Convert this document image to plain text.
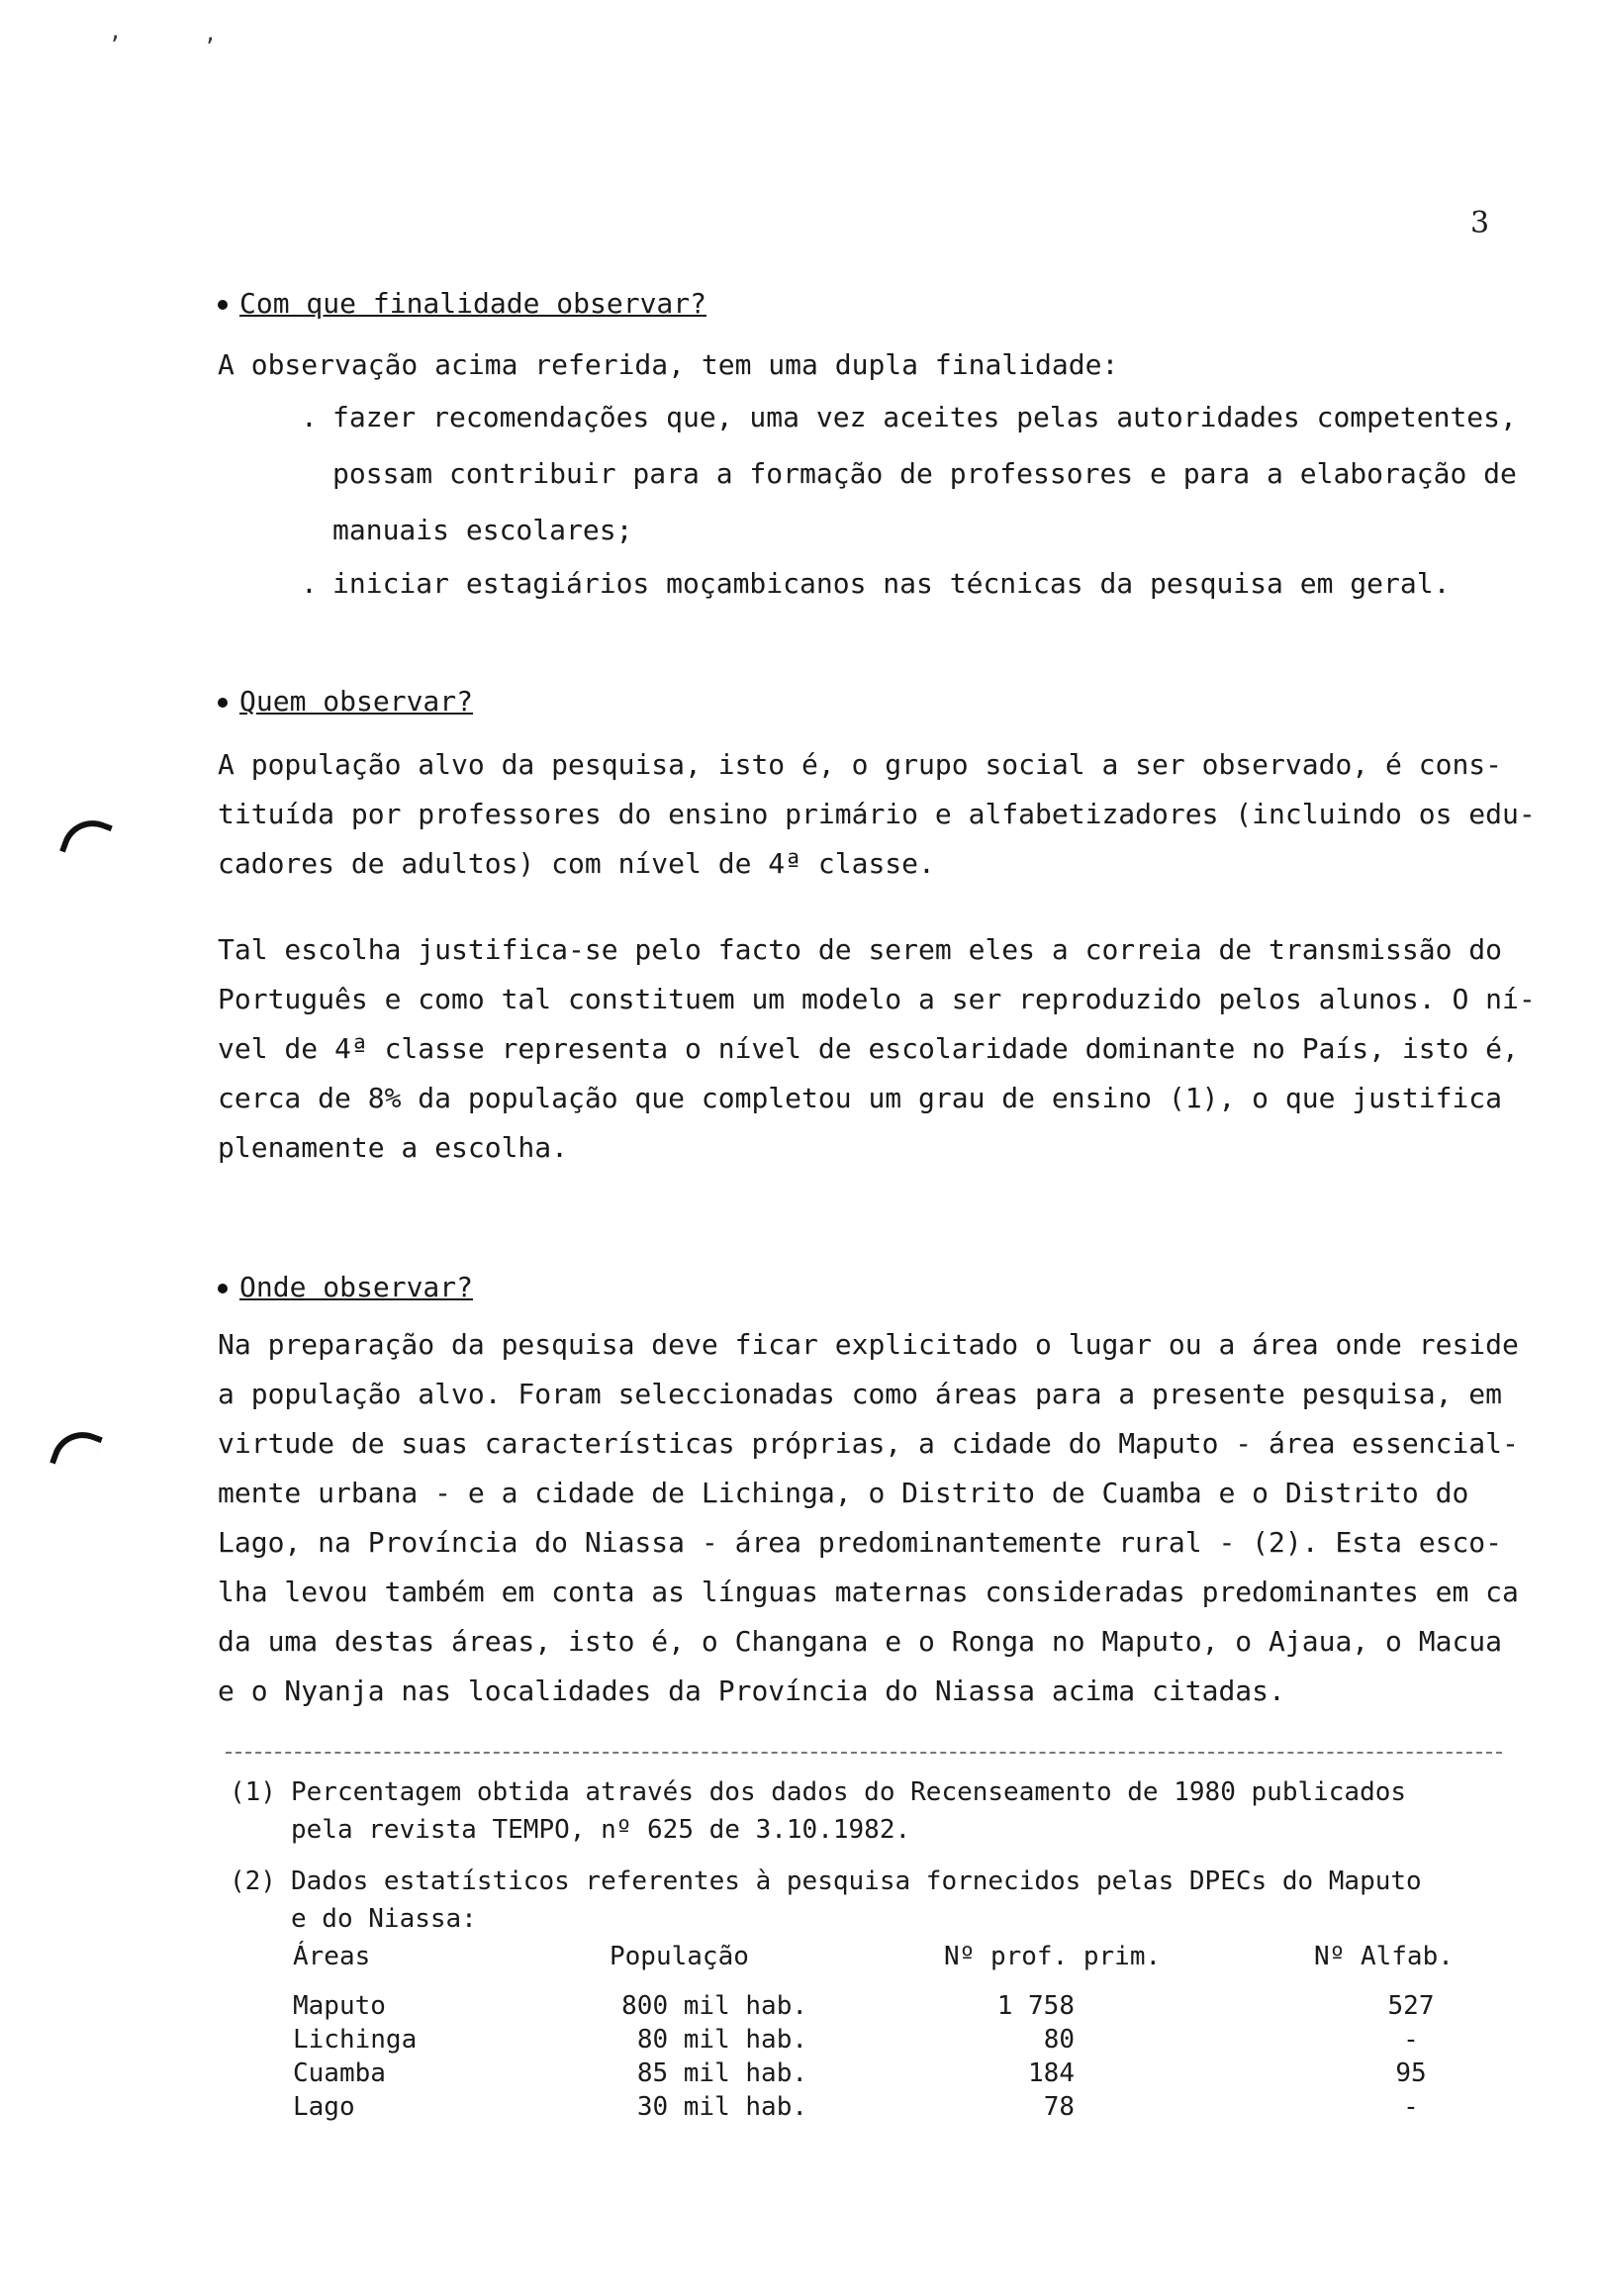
,	,
3
Com que finalidade observar?
A observação acima referida, tem uma dupla finalidade:
. fazer recomendações que, uma vez aceites pelas autoridades competentes,
possam contribuir para a formação de professores e para a elaboração de
manuais escolares;
. iniciar estagiários moçambicanos nas técnicas da pesquisa em geral.
Quem observar?
A população alvo da pesquisa, isto é, o grupo social a ser observado, é cons-
tituída por professores do ensino primário e alfabetizadores (incluindo os edu-
cadores de adultos) com nível de 4ª classe.
Tal escolha justifica-se pelo facto de serem eles a correia de transmissão do
Português e como tal constituem um modelo a ser reproduzido pelos alunos. O ní-
vel de 4ª classe representa o nível de escolaridade dominante no País, isto é,
cerca de 8% da população que completou um grau de ensino (1), o que justifica
plenamente a escolha.
Onde observar?
Na preparação da pesquisa deve ficar explicitado o lugar ou a área onde reside
a população alvo. Foram seleccionadas como áreas para a presente pesquisa, em
virtude de suas características próprias, a cidade do Maputo - área essencial-
mente urbana - e a cidade de Lichinga, o Distrito de Cuamba e o Distrito do
Lago, na Província do Niassa - área predominantemente rural - (2). Esta esco-
lha levou também em conta as línguas maternas consideradas predominantes em ca
da uma destas áreas, isto é, o Changana e o Ronga no Maputo, o Ajaua, o Macua
e o Nyanja nas localidades da Província do Niassa acima citadas.
(1) Percentagem obtida através dos dados do Recenseamento de 1980 publicados
pela revista TEMPO, nº 625 de 3.10.1982.
(2) Dados estatísticos referentes à pesquisa fornecidos pelas DPECs do Maputo
e do Niassa:
Áreas	População	Nº prof. prim.	Nº Alfab.
Maputo	800 mil hab.	1 758	527
Lichinga	80 mil hab.	80	-
Cuamba	85 mil hab.	184	95
Lago	30 mil hab.	78	-
